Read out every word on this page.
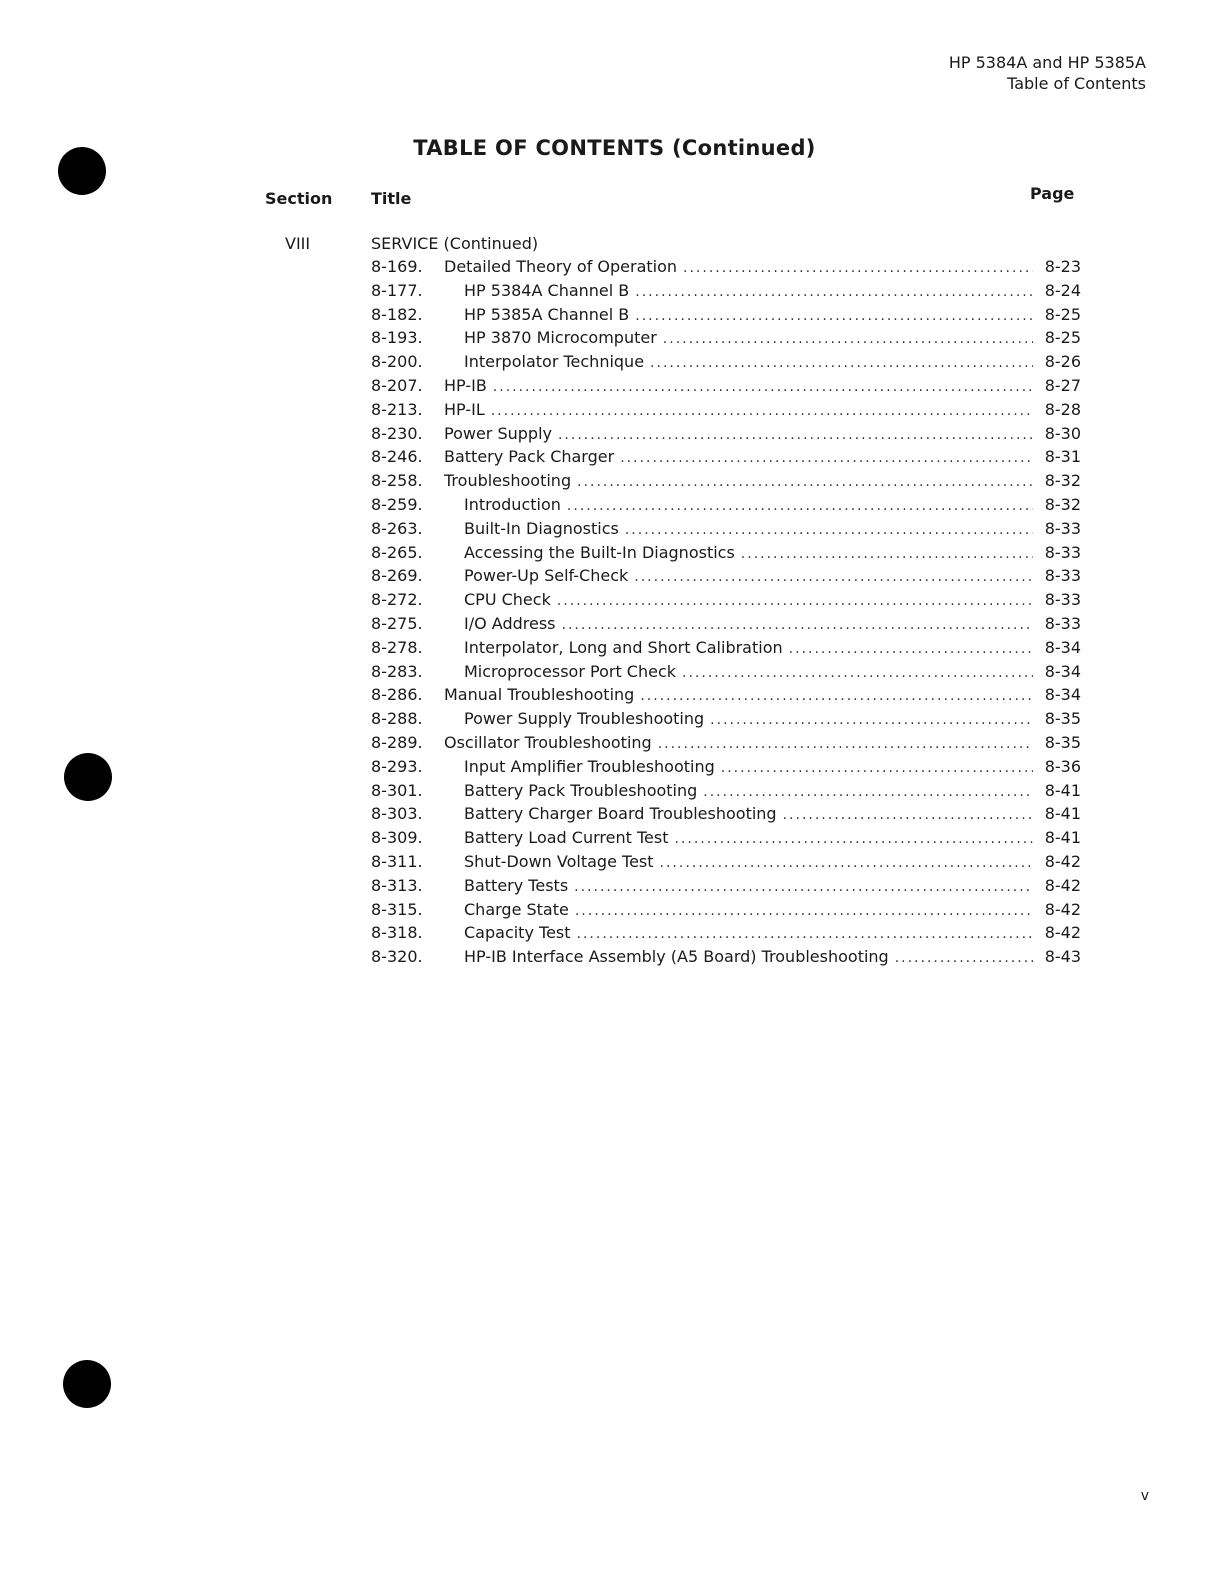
HP 5384A and HP 5385A
Table of Contents
TABLE OF CONTENTS (Continued)
Section Title	Page
VIII	SERVICE (Continued)
8-169.	Detailed Theory of Operation .....	8-23
8-177.	HP 5384A Channel B .....	8-24
8-182.	HP 5385A Channel B .....	8-25
8-193.	HP 3870 Microcomputer .....	8-25
8-200.	Interpolator Technique .....	8-26
8-207.	HP-IB .....	8-27
8-213.	HP-IL .....	8-28
8-230.	Power Supply .....	8-30
8-246.	Battery Pack Charger .....	8-31
8-258.	Troubleshooting .....	8-32
8-259.	Introduction .....	8-32
8-263.	Built-In Diagnostics .....	8-33
8-265.	Accessing the Built-In Diagnostics .....	8-33
8-269.	Power-Up Self-Check .....	8-33
8-272.	CPU Check .....	8-33
8-275.	I/O Address .....	8-33
8-278.	Interpolator, Long and Short Calibration .....	8-34
8-283.	Microprocessor Port Check .....	8-34
8-286.	Manual Troubleshooting .....	8-34
8-288.	Power Supply Troubleshooting .....	8-35
8-289.	Oscillator Troubleshooting .....	8-35
8-293.	Input Amplifier Troubleshooting .....	8-36
8-301.	Battery Pack Troubleshooting .....	8-41
8-303.	Battery Charger Board Troubleshooting .....	8-41
8-309.	Battery Load Current Test .....	8-41
8-311.	Shut-Down Voltage Test .....	8-42
8-313.	Battery Tests .....	8-42
8-315.	Charge State .....	8-42
8-318.	Capacity Test .....	8-42
8-320.	HP-IB Interface Assembly (A5 Board) Troubleshooting .....	8-43
v
